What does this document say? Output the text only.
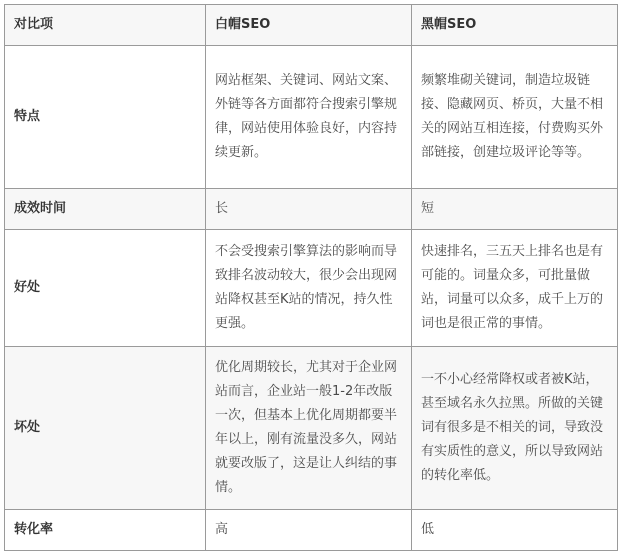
对比项	白帽SEO	黑帽SEO
特点	网站框架、关键词、网站文案、外链等各方面都符合搜索引擎规律，网站使用体验良好，内容持续更新。	频繁堆砌关键词，制造垃圾链接、隐藏网页、桥页，大量不相关的网站互相连接，付费购买外部链接，创建垃圾评论等等。
成效时间	长	短
好处	不会受搜索引擎算法的影响而导致排名波动较大，很少会出现网站降权甚至K站的情况，持久性更强。	快速排名，三五天上排名也是有可能的。词量众多，可批量做站，词量可以众多，成千上万的词也是很正常的事情。
坏处	优化周期较长，尤其对于企业网站而言，企业站一般1-2年改版一次，但基本上优化周期都要半年以上，刚有流量没多久，网站就要改版了，这是让人纠结的事情。	一不小心经常降权或者被K站，甚至域名永久拉黑。所做的关键词有很多是不相关的词，导致没有实质性的意义，所以导致网站的转化率低。
转化率	高	低
